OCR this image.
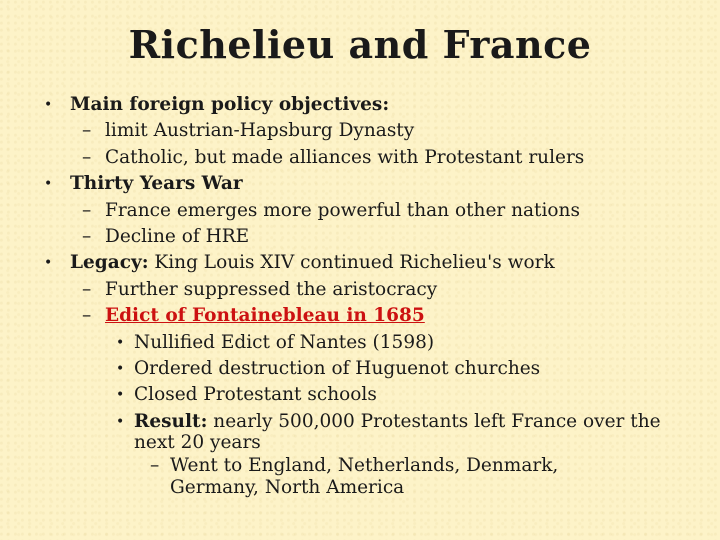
Richelieu and France
• Main foreign policy objectives:
– limit Austrian-Hapsburg Dynasty
– Catholic, but made alliances with Protestant rulers
• Thirty Years War
– France emerges more powerful than other nations
– Decline of HRE
• Legacy: King Louis XIV continued Richelieu's work
– Further suppressed the aristocracy
– Edict of Fontainebleau in 1685
• Nullified Edict of Nantes (1598)
• Ordered destruction of Huguenot churches
• Closed Protestant schools
• Result: nearly 500,000 Protestants left France over the next 20 years
– Went to England, Netherlands, Denmark, Germany, North America
